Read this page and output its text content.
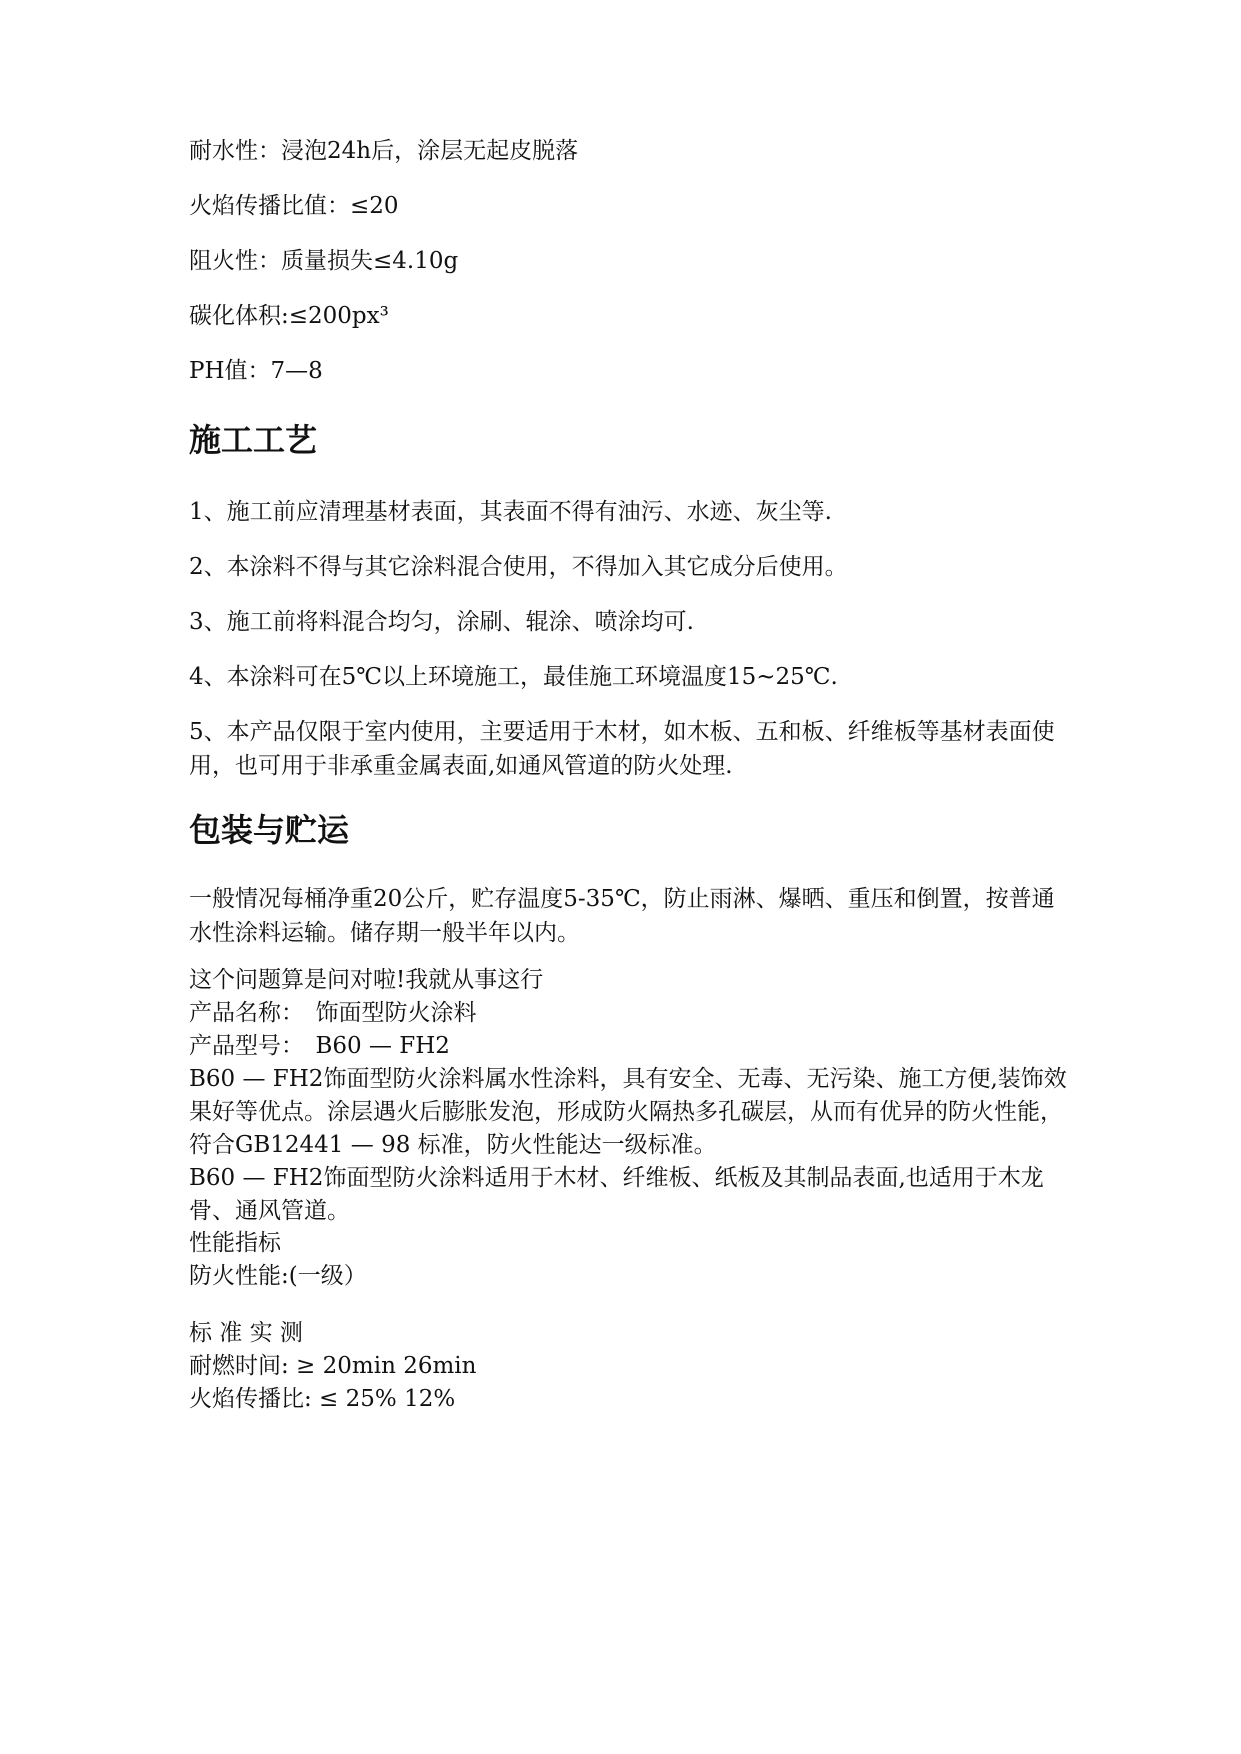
耐水性：浸泡24h后，涂层无起皮脱落

火焰传播比值：≤20

阻火性：质量损失≤4.10g

碳化体积:≤200px³

PH值：7—8

施工工艺

1、施工前应清理基材表面，其表面不得有油污、水迹、灰尘等.

2、本涂料不得与其它涂料混合使用，不得加入其它成分后使用。

3、施工前将料混合均匀，涂刷、辊涂、喷涂均可.

4、本涂料可在5℃以上环境施工，最佳施工环境温度15~25℃.

5、本产品仅限于室内使用，主要适用于木材，如木板、五和板、纤维板等基材表面使用，也可用于非承重金属表面,如通风管道的防火处理.

包装与贮运

一般情况每桶净重20公斤，贮存温度5-35℃，防止雨淋、爆晒、重压和倒置，按普通水性涂料运输。储存期一般半年以内。

这个问题算是问对啦!我就从事这行
产品名称：　饰面型防火涂料
产品型号：　B60 — FH2
B60 — FH2饰面型防火涂料属水性涂料，具有安全、无毒、无污染、施工方便,装饰效果好等优点。涂层遇火后膨胀发泡，形成防火隔热多孔碳层，从而有优异的防火性能，符合GB12441 — 98 标准，防火性能达一级标准。
B60 — FH2饰面型防火涂料适用于木材、纤维板、纸板及其制品表面,也适用于木龙骨、通风管道。
性能指标
防火性能:(一级）
标 准 实 测
耐燃时间: ≥ 20min 26min
火焰传播比: ≤ 25% 12%
